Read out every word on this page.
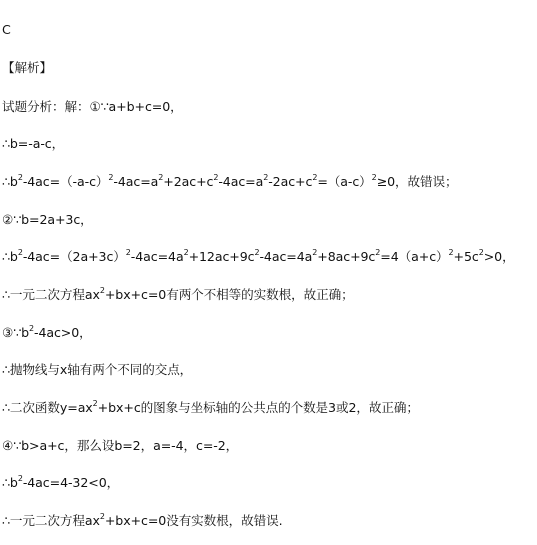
C
【解析】
试题分析：解：①∵a+b+c=0，
∴b=-a-c，
$\therefore b^2-4ac=(-a-c)^2-4ac=a^2+2ac+c^2-4ac=a^2-2ac+c^2=(a-c)^2\ge 0$，故错误；
②∵b=2a+3c，
$\therefore b^2-4ac=(2a+3c)^2-4ac=4a^2+12ac+9c^2-4ac=4a^2+8ac+9c^2=4(a+c)^2+5c^2>0$，
∴一元二次方程$ax^2+bx+c=0$有两个不相等的实数根，故正确；
$③\because b^2-4ac>0$，
∴抛物线与x轴有两个不同的交点，
∴二次函数$y=ax^2+bx+c$的图象与坐标轴的公共点的个数是3或2，故正确；
④∵b>a+c，那么设b=2，a=-4，c=-2，
$\therefore b^2-4ac=4-32<0$，
∴一元二次方程$ax^2+bx+c=0$没有实数根，故错误.
